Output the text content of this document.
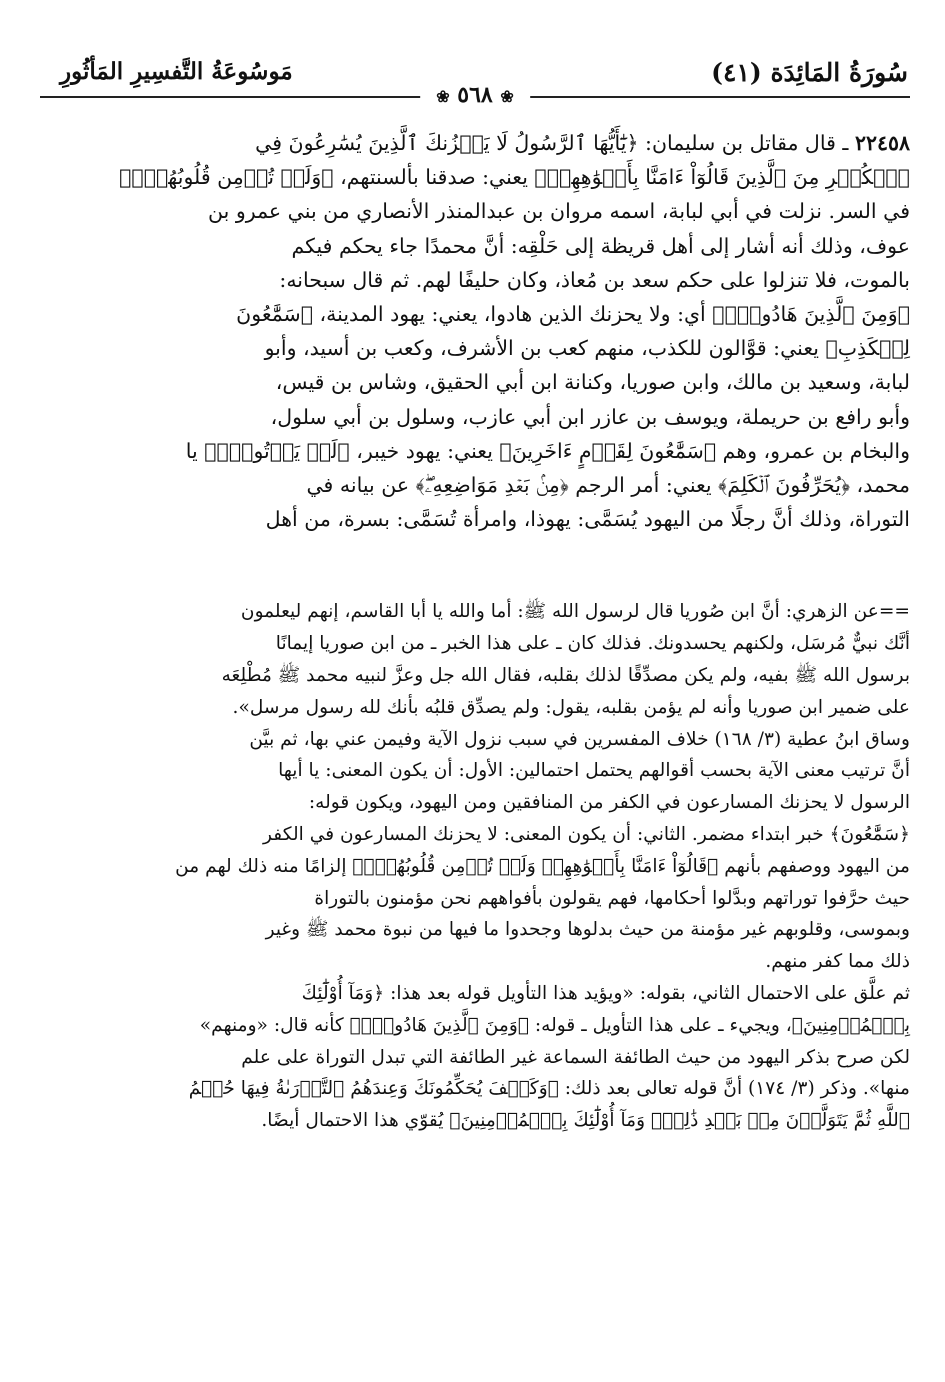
سُورَةُ المَائِدَة (٤١)
مَوسُوعَةُ التَّفسِيرِ المَأثُورِ
❀ ٥٦٨ ❀

٢٢٤٥٨ ـ قال مقاتل بن سليمان: ﴿يَٰٓأَيُّهَا ٱلرَّسُولُ لَا يَحۡزُنكَ ٱلَّذِينَ يُسَٰرِعُونَ فِي

ٱلۡكُفۡرِ مِنَ ٱلَّذِينَ قَالُوٓاْ ءَامَنَّا بِأَفۡوَٰهِهِمۡ﴾ يعني: صدقنا بألسنتهم، ﴿وَلَمۡ تُؤۡمِن قُلُوبُهُمۡۛ﴾

في السر. نزلت في أبي لبابة، اسمه مروان بن عبدالمنذر الأنصاري من بني عمرو بن

عوف، وذلك أنه أشار إلى أهل قريظة إلى حَلْقِه: أنَّ محمدًا جاء يحكم فيكم

بالموت، فلا تنزلوا على حكم سعد بن مُعاذ، وكان حليفًا لهم. ثم قال سبحانه:

﴿وَمِنَ ٱلَّذِينَ هَادُواْۛ﴾ أي: ولا يحزنك الذين هادوا، يعني: يهود المدينة، ﴿سَمَّٰعُونَ

لِلۡكَذِبِ﴾ يعني: قوَّالون للكذب، منهم كعب بن الأشرف، وكعب بن أسيد، وأبو

لبابة، وسعيد بن مالك، وابن صوريا، وكنانة ابن أبي الحقيق، وشاس بن قيس،

وأبو رافع بن حريملة، ويوسف بن عازر ابن أبي عازب، وسلول بن أبي سلول،

والبخام بن عمرو، وهم ﴿سَمَّٰعُونَ لِقَوۡمٍ ءَاخَرِينَ﴾ يعني: يهود خيبر، ﴿لَمۡ يَأۡتُوكَۖ﴾ يا

محمد، ﴿يُحَرِّفُونَ ٱلۡكَلِمَ﴾ يعني: أمر الرجم ﴿مِنۢ بَعۡدِ مَوَاضِعِهِۦۖ﴾ عن بيانه في

التوراة، وذلك أنَّ رجلًا من اليهود يُسَمَّى: يهوذا، وامرأة تُسَمَّى: بسرة، من أهل

==عن الزهري: أنَّ ابن صُوريا قال لرسول الله ﷺ: أما والله يا أبا القاسم، إنهم ليعلمون

أنَّك نبيٌّ مُرسَل، ولكنهم يحسدونك. فذلك كان ـ على هذا الخبر ـ من ابن صوريا إيمانًا

برسول الله ﷺ بفيه، ولم يكن مصدِّقًا لذلك بقلبه، فقال الله جل وعزَّ لنبيه محمد ﷺ مُطْلِعَه

على ضمير ابن صوريا وأنه لم يؤمن بقلبه، يقول: ولم يصدِّق قلبُه بأنك لله رسول مرسل».

وساق ابنُ عطية (٣/ ١٦٨) خلاف المفسرين في سبب نزول الآية وفيمن عني بها، ثم بيَّن

أنَّ ترتيب معنى الآية بحسب أقوالهم يحتمل احتمالين: الأول: أن يكون المعنى: يا أيها

الرسول لا يحزنك المسارعون في الكفر من المنافقين ومن اليهود، ويكون قوله:

﴿سَمَّٰعُونَ﴾ خبر ابتداء مضمر. الثاني: أن يكون المعنى: لا يحزنك المسارعون في الكفر

من اليهود ووصفهم بأنهم ﴿قَالُوٓاْ ءَامَنَّا بِأَفۡوَٰهِهِمۡ وَلَمۡ تُؤۡمِن قُلُوبُهُمۡۛ﴾ إلزامًا منه ذلك لهم من

حيث حرَّفوا توراتهم وبدَّلوا أحكامها، فهم يقولون بأفواههم نحن مؤمنون بالتوراة

وبموسى، وقلوبهم غير مؤمنة من حيث بدلوها وجحدوا ما فيها من نبوة محمد ﷺ وغير

ذلك مما كفر منهم.

ثم علَّق على الاحتمال الثاني، بقوله: «ويؤيد هذا التأويل قوله بعد هذا: ﴿وَمَآ أُوْلَٰٓئِكَ

بِٱلۡمُؤۡمِنِينَ﴾، ويجيء ـ على هذا التأويل ـ قوله: ﴿وَمِنَ ٱلَّذِينَ هَادُواْۛ﴾ كأنه قال: «ومنهم»

لكن صرح بذكر اليهود من حيث الطائفة السماعة غير الطائفة التي تبدل التوراة على علم

منها». وذكر (٣/ ١٧٤) أنَّ قوله تعالى بعد ذلك: ﴿وَكَيۡفَ يُحَكِّمُونَكَ وَعِندَهُمُ ٱلتَّوۡرَىٰةُ فِيهَا حُكۡمُ

ٱللَّهِ ثُمَّ يَتَوَلَّوۡنَ مِنۢ بَعۡدِ ذَٰلِكَۚ وَمَآ أُوْلَٰٓئِكَ بِٱلۡمُؤۡمِنِينَ﴾ يُقوّي هذا الاحتمال أيضًا.
